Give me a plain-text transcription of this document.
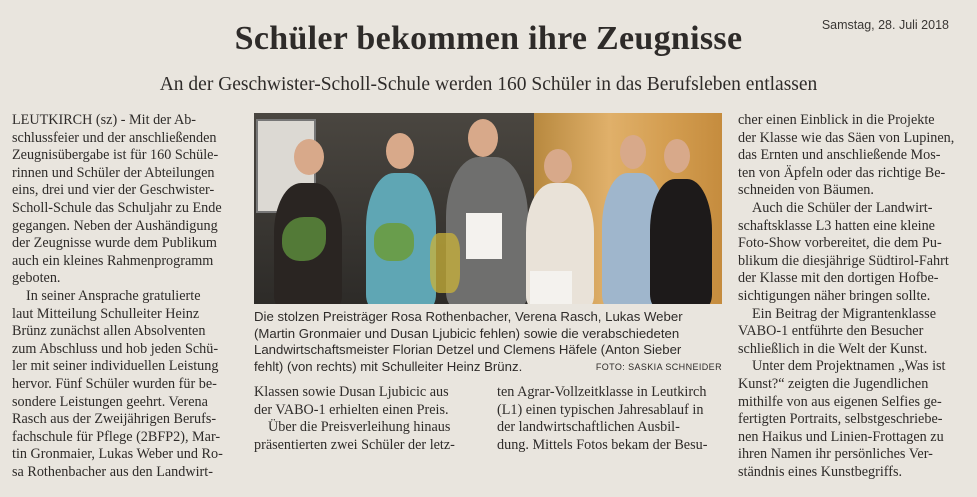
Samstag, 28. Juli 2018
Schüler bekommen ihre Zeugnisse
An der Geschwister-Scholl-Schule werden 160 Schüler in das Berufsleben entlassen
LEUTKIRCH (sz) - Mit der Ab-
schlussfeier und der anschließenden
Zeugnisübergabe ist für 160 Schüle-
rinnen und Schüler der Abteilungen
eins, drei und vier der Geschwister-
Scholl-Schule das Schuljahr zu Ende
gegangen. Neben der Aushändigung
der Zeugnisse wurde dem Publikum
auch ein kleines Rahmenprogramm
geboten.
In seiner Ansprache gratulierte
laut Mitteilung Schulleiter Heinz
Brünz zunächst allen Absolventen
zum Abschluss und hob jeden Schü-
ler mit seiner individuellen Leistung
hervor. Fünf Schüler wurden für be-
sondere Leistungen geehrt. Verena
Rasch aus der Zweijährigen Berufs-
fachschule für Pflege (2BFP2), Mar-
tin Gronmaier, Lukas Weber und Ro-
sa Rothenbacher aus den Landwirt-
Die stolzen Preisträger Rosa Rothenbacher, Verena Rasch, Lukas Weber
(Martin Gronmaier und Dusan Ljubicic fehlen) sowie die verabschiedeten
Landwirtschaftsmeister Florian Detzel und Clemens Häfele (Anton Sieber
fehlt) (von rechts) mit Schulleiter Heinz Brünz.	FOTO: SASKIA SCHNEIDER
Klassen sowie Dusan Ljubicic aus
der VABO-1 erhielten einen Preis.
Über die Preisverleihung hinaus
präsentierten zwei Schüler der letz-
ten Agrar-Vollzeitklasse in Leutkirch
(L1) einen typischen Jahresablauf in
der landwirtschaftlichen Ausbil-
dung. Mittels Fotos bekam der Besu-
cher einen Einblick in die Projekte
der Klasse wie das Säen von Lupinen,
das Ernten und anschließende Mos-
ten von Äpfeln oder das richtige Be-
schneiden von Bäumen.
Auch die Schüler der Landwirt-
schaftsklasse L3 hatten eine kleine
Foto-Show vorbereitet, die dem Pu-
blikum die diesjährige Südtirol-Fahrt
der Klasse mit den dortigen Hofbe-
sichtigungen näher bringen sollte.
Ein Beitrag der Migrantenklasse
VABO-1 entführte den Besucher
schließlich in die Welt der Kunst.
Unter dem Projektnamen „Was ist
Kunst?“ zeigten die Jugendlichen
mithilfe von aus eigenen Selfies ge-
fertigten Portraits, selbstgeschriebe-
nen Haikus und Linien-Frottagen zu
ihren Namen ihr persönliches Ver-
ständnis eines Kunstbegriffs.
